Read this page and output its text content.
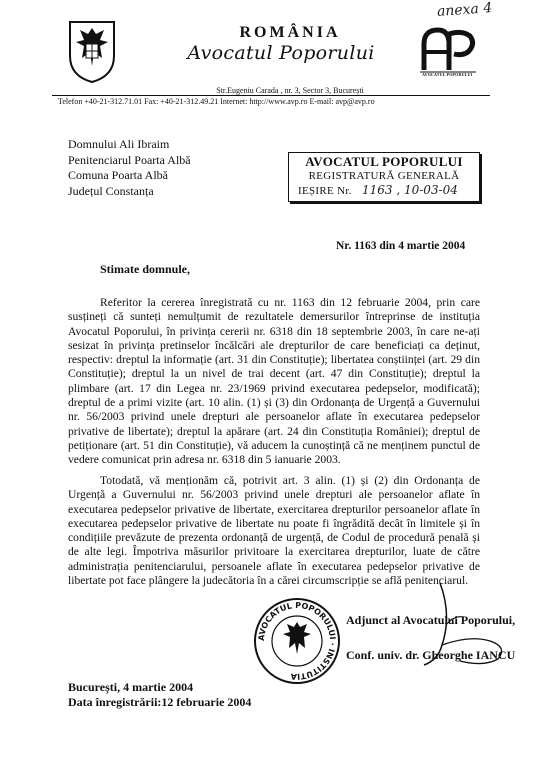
anexa 4
ROMÂNIA
Avocatul Poporului
AVOCATUL POPORULUI
Str.Eugeniu Carada , nr. 3, Sector 3, București
Telefon +40-21-312.71.01 Fax: +40-21-312.49.21 Internet: http://www.avp.ro E-mail: avp@avp.ro
Domnului Ali Ibraim
Penitenciarul Poarta Albă
Comuna Poarta Albă
Județul Constanța
AVOCATUL POPORULUI
REGISTRATURĂ GENERALĂ
IEȘIRE Nr. 1163 , 10-03-04
Nr. 1163 din 4 martie 2004
Stimate domnule,
Referitor la cererea înregistrată cu nr. 1163 din 12 februarie 2004, prin care susțineți că sunteți nemulțumit de rezultatele demersurilor întreprinse de instituția Avocatul Poporului, în privința cererii nr. 6318 din 18 septembrie 2003, în care ne-ați sesizat în privința pretinselor încălcări ale drepturilor de care beneficiați ca deținut, respectiv: dreptul la informație (art. 31 din Constituție); libertatea conștiinței (art. 29 din Constituție); dreptul la un nivel de trai decent (art. 47 din Constituție); dreptul la plimbare (art. 17 din Legea nr. 23/1969 privind executarea pedepselor, modificată); dreptul de a primi vizite (art. 10 alin. (1) și (3) din Ordonanța de Urgență a Guvernului nr. 56/2003 privind unele drepturi ale persoanelor aflate în executarea pedepselor privative de libertate); dreptul la apărare (art. 24 din Constituția României); dreptul de petiționare (art. 51 din Constituție), vă aducem la cunoștință că ne menținem punctul de vedere comunicat prin adresa nr. 6318 din 5 ianuarie 2003.
Totodată, vă menționăm că, potrivit art. 3 alin. (1) și (2) din Ordonanța de Urgență a Guvernului nr. 56/2003 privind unele drepturi ale persoanelor aflate în executarea pedepselor privative de libertate, exercitarea drepturilor persoanelor aflate în executarea pedepselor privative de libertate nu poate fi îngrădită decât în limitele și în condițiile prevăzute de prezenta ordonanță de urgență, de Codul de procedură penală și de alte legi. Împotriva măsurilor privitoare la exercitarea drepturilor, luate de către administrația penitenciarului, persoanele aflate în executarea pedepselor privative de libertate pot face plângere la judecătoria în a cărei circumscripție se află penitenciarul.
AVOCATUL POPORULUI · INSTITUTIA
Adjunct al Avocatului Poporului,
Conf. univ. dr. Gheorghe IANCU
București, 4 martie 2004
Data înregistrării:12 februarie 2004
